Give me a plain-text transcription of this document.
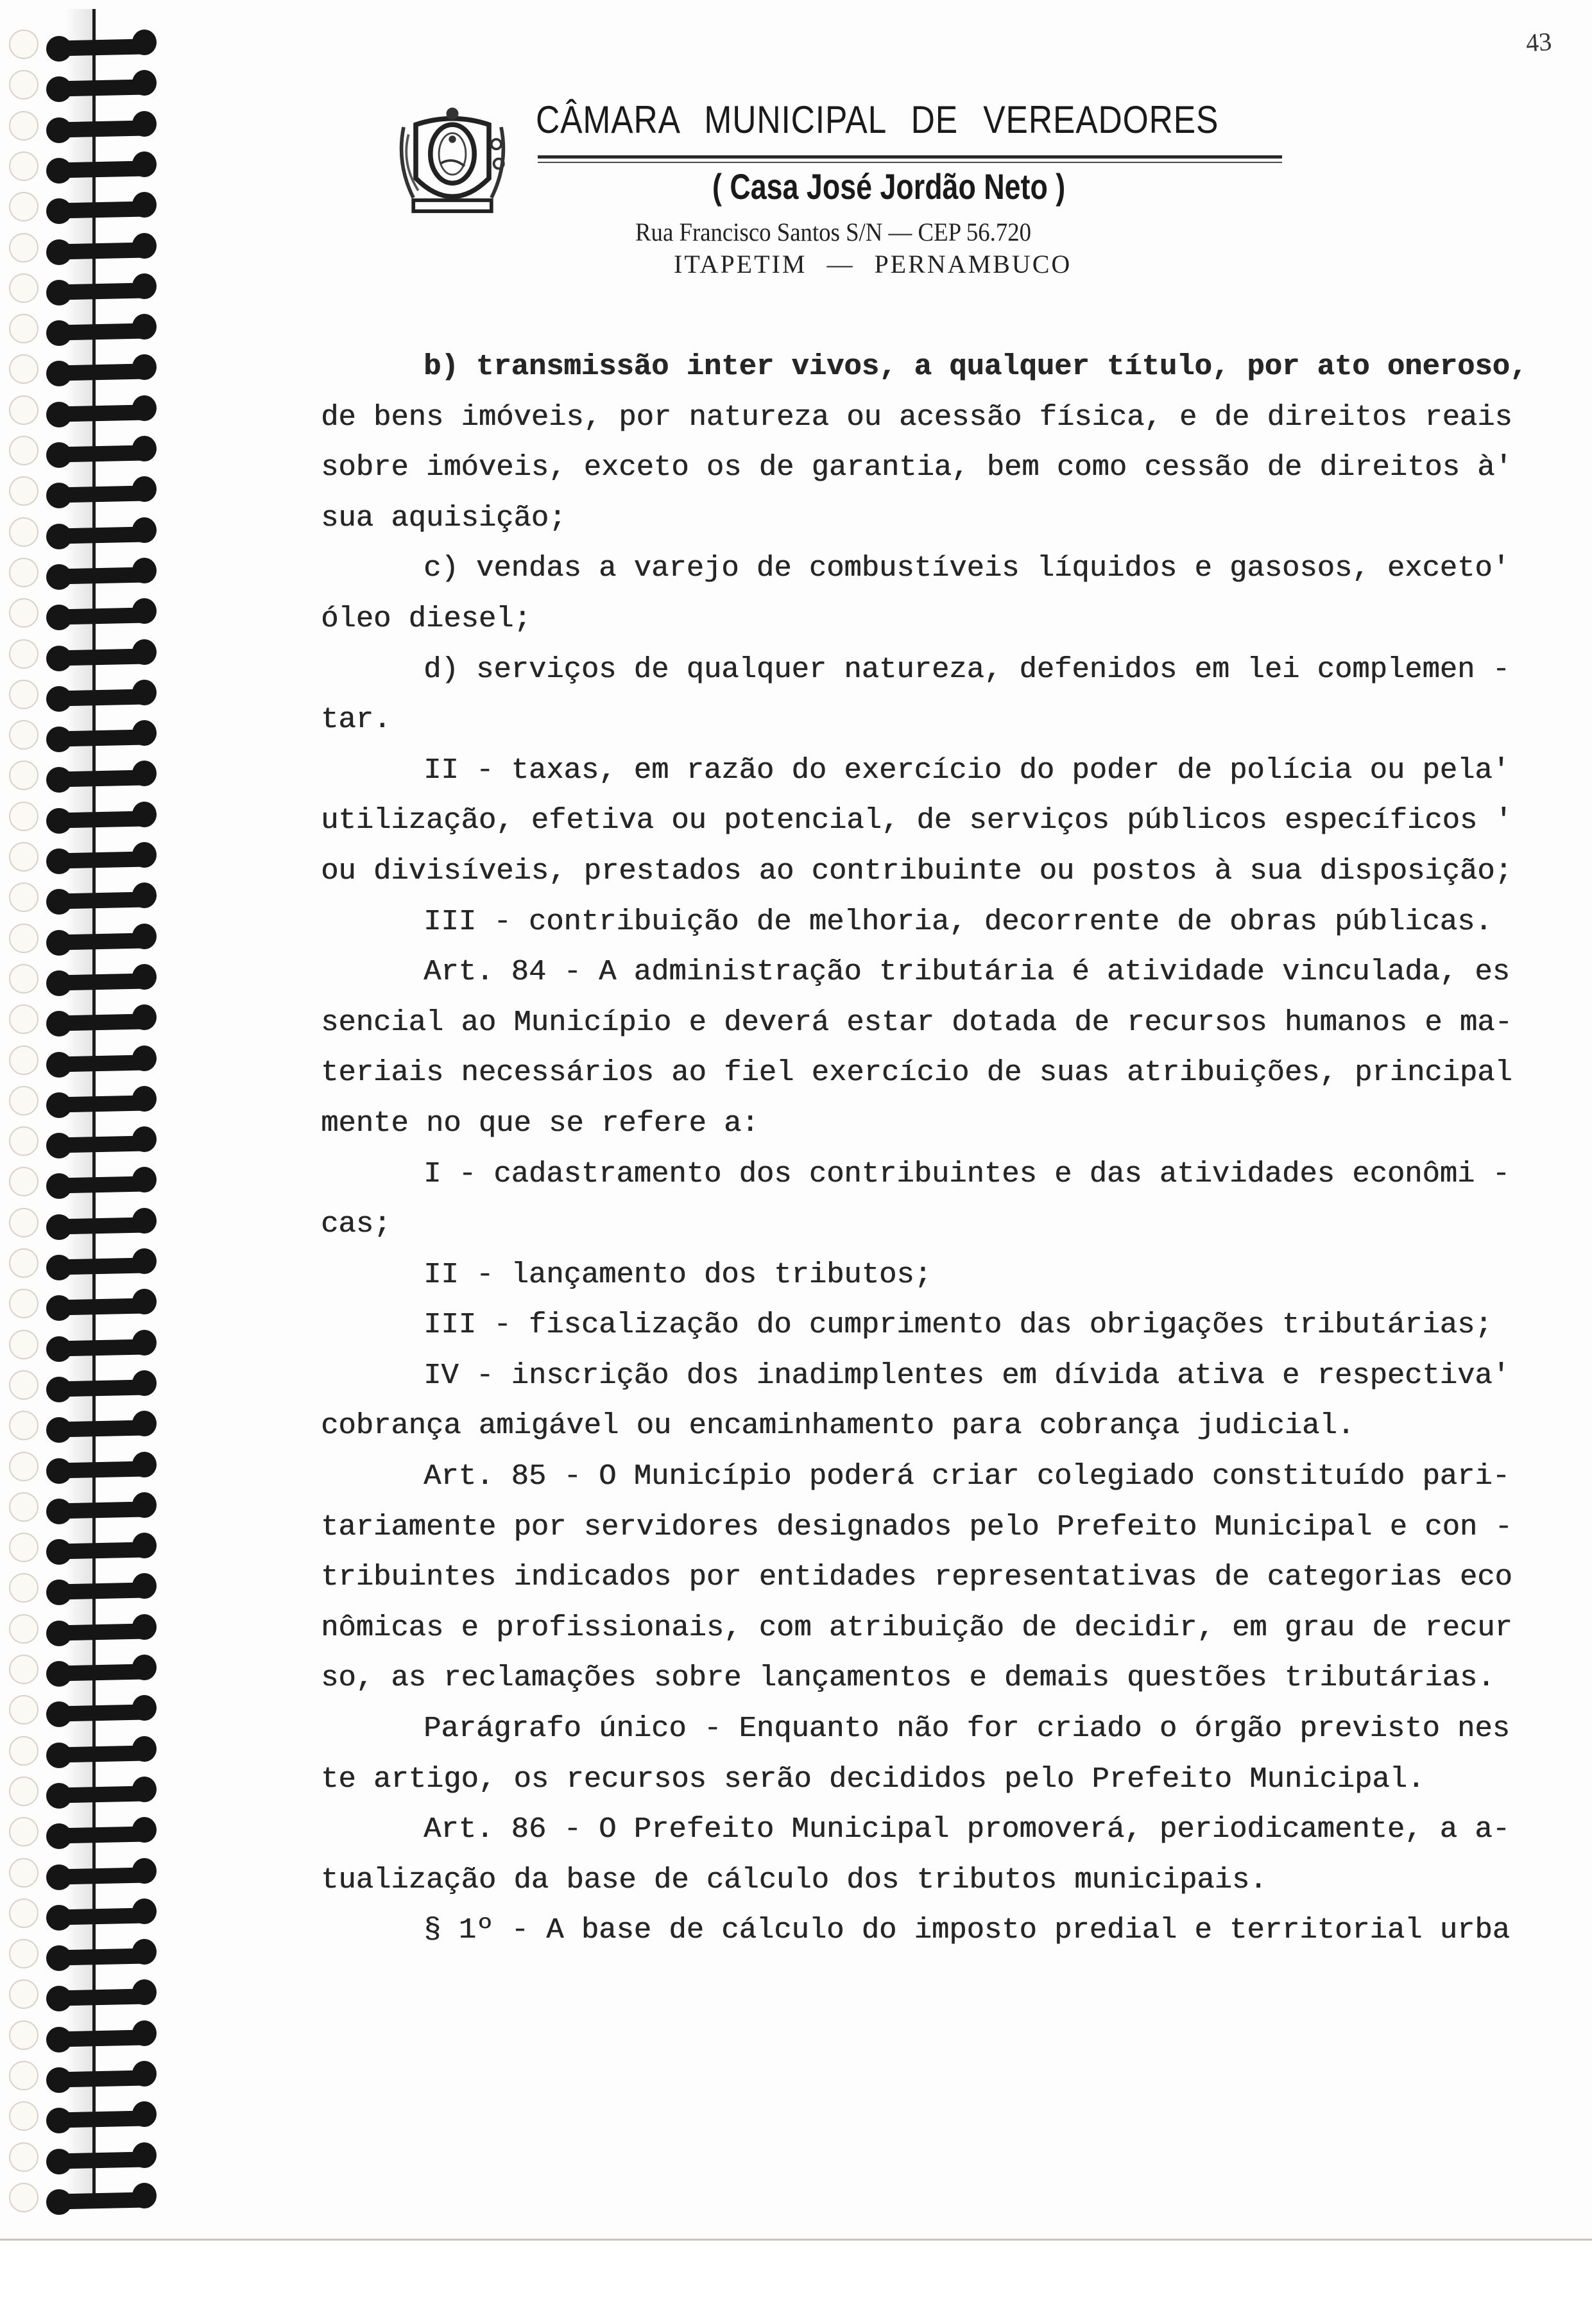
43
CÂMARA MUNICIPAL DE VEREADORES
( Casa José Jordão Neto )
Rua Francisco Santos S/N — CEP 56.720
ITAPETIM — PERNAMBUCO
b) transmissão inter vivos, a qualquer título, por ato oneroso,
de bens imóveis, por natureza ou acessão física, e de direitos reais
sobre imóveis, exceto os de garantia, bem como cessão de direitos à'
sua aquisição;
c) vendas a varejo de combustíveis líquidos e gasosos, exceto'
óleo diesel;
d) serviços de qualquer natureza, defenidos em lei complemen -
tar.
II - taxas, em razão do exercício do poder de polícia ou pela'
utilização, efetiva ou potencial, de serviços públicos específicos '
ou divisíveis, prestados ao contribuinte ou postos à sua disposição;
III - contribuição de melhoria, decorrente de obras públicas.
Art. 84 - A administração tributária é atividade vinculada, es
sencial ao Município e deverá estar dotada de recursos humanos e ma-
teriais necessários ao fiel exercício de suas atribuições, principal
mente no que se refere a:
I - cadastramento dos contribuintes e das atividades econômi -
cas;
II - lançamento dos tributos;
III - fiscalização do cumprimento das obrigações tributárias;
IV - inscrição dos inadimplentes em dívida ativa e respectiva'
cobrança amigável ou encaminhamento para cobrança judicial.
Art. 85 - O Município poderá criar colegiado constituído pari-
tariamente por servidores designados pelo Prefeito Municipal e con -
tribuintes indicados por entidades representativas de categorias eco
nômicas e profissionais, com atribuição de decidir, em grau de recur
so, as reclamações sobre lançamentos e demais questões tributárias.
Parágrafo único - Enquanto não for criado o órgão previsto nes
te artigo, os recursos serão decididos pelo Prefeito Municipal.
Art. 86 - O Prefeito Municipal promoverá, periodicamente, a a-
tualização da base de cálculo dos tributos municipais.
§ 1º - A base de cálculo do imposto predial e territorial urba
